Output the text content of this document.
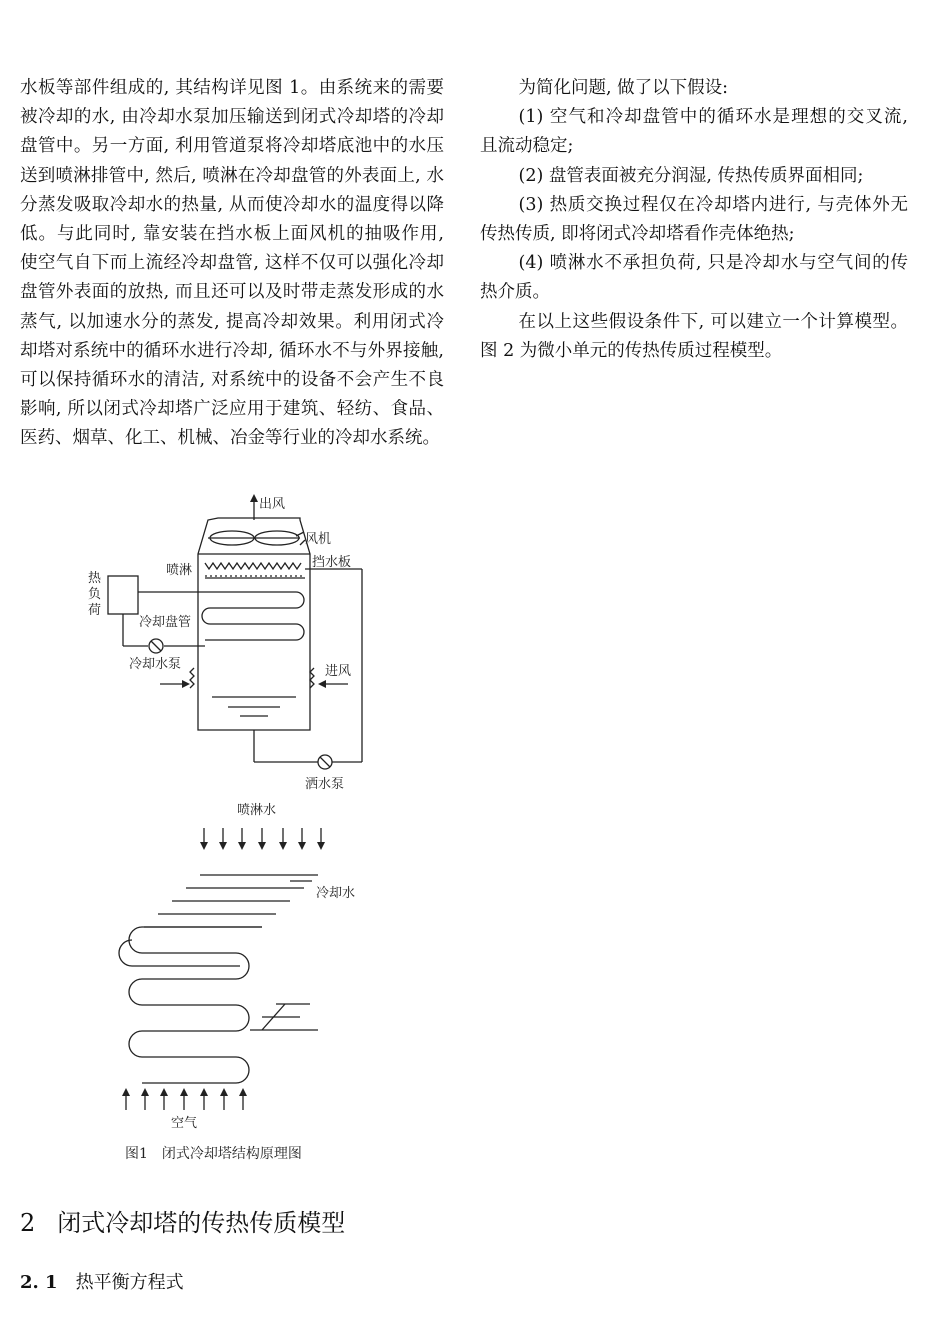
水板等部件组成的, 其结构详见图 1。由系统来的需要被冷却的水, 由冷却水泵加压输送到闭式冷却塔的冷却盘管中。另一方面, 利用管道泵将冷却塔底池中的水压送到喷淋排管中, 然后, 喷淋在冷却盘管的外表面上, 水分蒸发吸取冷却水的热量, 从而使冷却水的温度得以降低。与此同时, 靠安装在挡水板上面风机的抽吸作用, 使空气自下而上流经冷却盘管, 这样不仅可以强化冷却盘管外表面的放热, 而且还可以及时带走蒸发形成的水蒸气, 以加速水分的蒸发, 提高冷却效果。利用闭式冷却塔对系统中的循环水进行冷却, 循环水不与外界接触, 可以保持循环水的清洁, 对系统中的设备不会产生不良影响, 所以闭式冷却塔广泛应用于建筑、轻纺、食品、医药、烟草、化工、机械、冶金等行业的冷却水系统。

为简化问题, 做了以下假设:

(1) 空气和冷却盘管中的循环水是理想的交叉流, 且流动稳定;

(2) 盘管表面被充分润湿, 传热传质界面相同;

(3) 热质交换过程仅在冷却塔内进行, 与壳体外无传热传质, 即将闭式冷却塔看作壳体绝热;

(4) 喷淋水不承担负荷, 只是冷却水与空气间的传热介质。

在以上这些假设条件下, 可以建立一个计算模型。图 2 为微小单元的传热传质过程模型。

出风
风机
喷淋
挡水板
热
负
荷
冷却盘管
冷却水泵	进风
洒水泵
喷淋水
冷却水
空气
图1　闭式冷却塔结构原理图
2 闭式冷却塔的传热传质模型
2. 1 热平衡方程式
